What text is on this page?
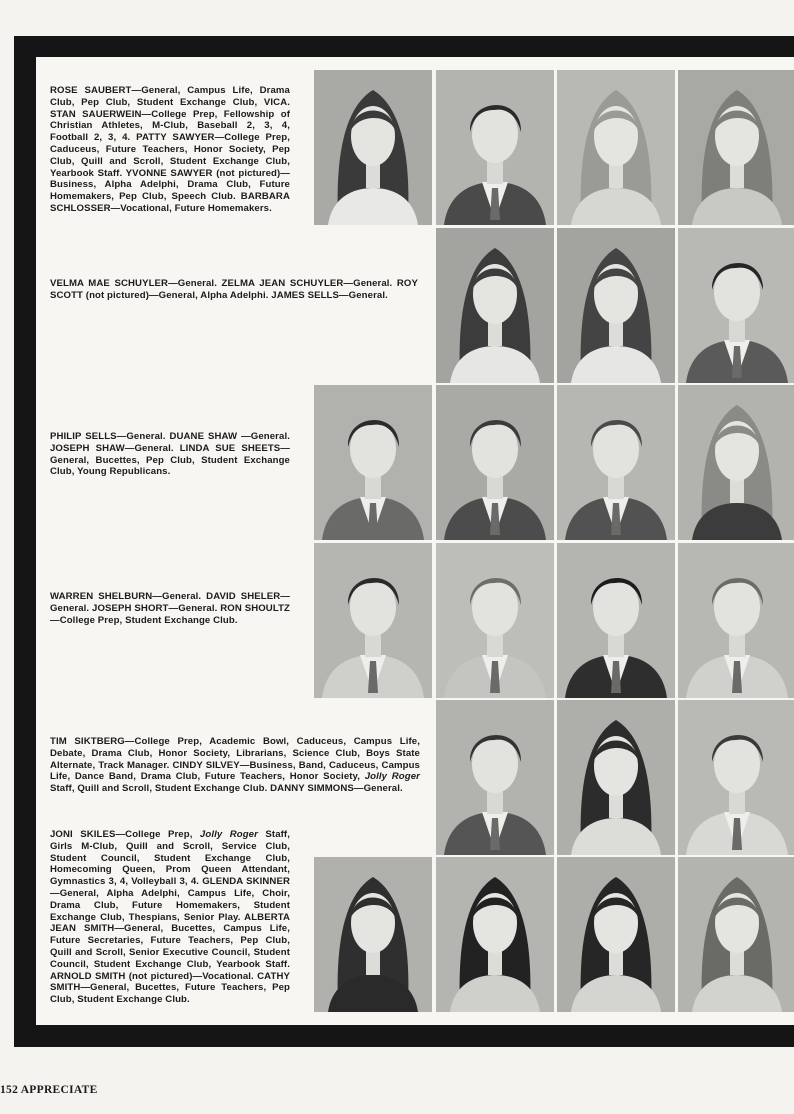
ROSE SAUBERT—General, Campus Life, Drama Club, Pep Club, Student Exchange Club, VICA. STAN SAUERWEIN—College Prep, Fellowship of Christian Athletes, M-Club, Baseball 2, 3, 4, Football 2, 3, 4. PATTY SAWYER—College Prep, Caduceus, Future Teachers, Honor Society, Pep Club, Quill and Scroll, Student Exchange Club, Yearbook Staff. YVONNE SAWYER (not pictured)—Business, Alpha Adelphi, Drama Club, Future Homemakers, Pep Club, Speech Club. BARBARA SCHLOSSER—Vocational, Future Homemakers.
VELMA MAE SCHUYLER—General. ZELMA JEAN SCHUYLER—General. ROY SCOTT (not pictured)—General, Alpha Adelphi. JAMES SELLS—General.
PHILIP SELLS—General. DUANE SHAW —General. JOSEPH SHAW—General. LINDA SUE SHEETS—General, Bucettes, Pep Club, Student Exchange Club, Young Republicans.
WARREN SHELBURN—General. DAVID SHELER—General. JOSEPH SHORT—General. RON SHOULTZ—College Prep, Student Exchange Club.
TIM SIKTBERG—College Prep, Academic Bowl, Caduceus, Campus Life, Debate, Drama Club, Honor Society, Librarians, Science Club, Boys State Alternate, Track Manager. CINDY SILVEY—Business, Band, Caduceus, Campus Life, Dance Band, Drama Club, Future Teachers, Honor Society, Jolly Roger Staff, Quill and Scroll, Student Exchange Club. DANNY SIMMONS—General.
JONI SKILES—College Prep, Jolly Roger Staff, Girls M-Club, Quill and Scroll, Service Club, Student Council, Student Exchange Club, Homecoming Queen, Prom Queen Attendant, Gymnastics 3, 4, Volleyball 3, 4. GLENDA SKINNER—General, Alpha Adelphi, Campus Life, Choir, Drama Club, Future Homemakers, Student Exchange Club, Thespians, Senior Play. ALBERTA JEAN SMITH—General, Bucettes, Campus Life, Future Secretaries, Future Teachers, Pep Club, Quill and Scroll, Senior Executive Council, Student Council, Student Exchange Club, Yearbook Staff. ARNOLD SMITH (not pictured)—Vocational. CATHY SMITH—General, Bucettes, Future Teachers, Pep Club, Student Exchange Club.
152 APPRECIATE
